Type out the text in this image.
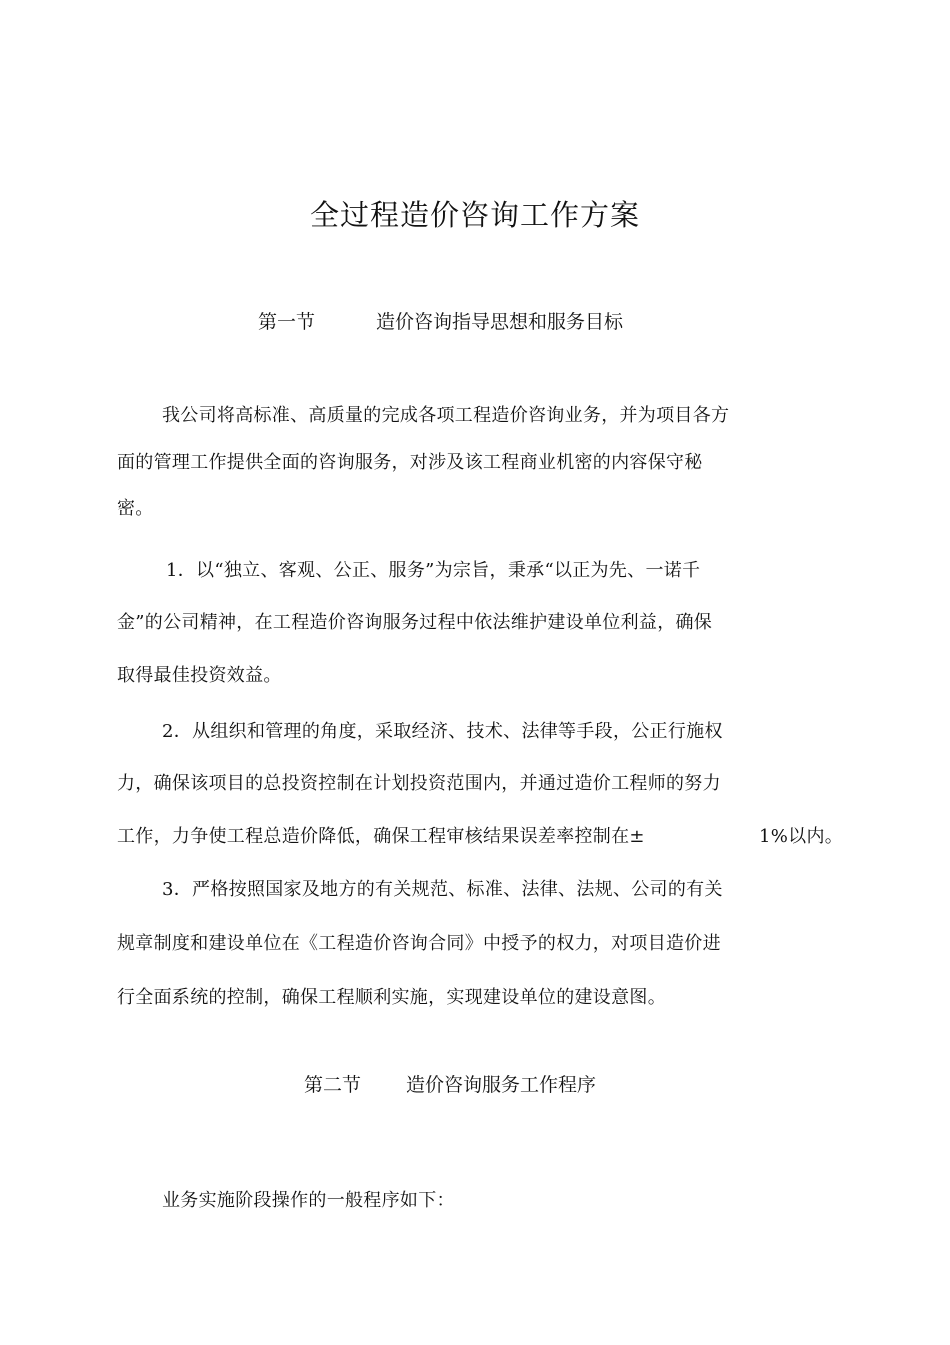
全过程造价咨询工作方案
第一节	造价咨询指导思想和服务目标
我公司将高标准、高质量的完成各项工程造价咨询业务，并为项目各方
面的管理工作提供全面的咨询服务，对涉及该工程商业机密的内容保守秘
密。
1．以“独立、客观、公正、服务”为宗旨，秉承“以正为先、一诺千
金”的公司精神，在工程造价咨询服务过程中依法维护建设单位利益，确保
取得最佳投资效益。
2．从组织和管理的角度，采取经济、技术、法律等手段，公正行施权
力，确保该项目的总投资控制在计划投资范围内，并通过造价工程师的努力
工作，力争使工程总造价降低，确保工程审核结果误差率控制在±	1%以内。
3．严格按照国家及地方的有关规范、标准、法律、法规、公司的有关
规章制度和建设单位在《工程造价咨询合同》中授予的权力，对项目造价进
行全面系统的控制，确保工程顺利实施，实现建设单位的建设意图。
第二节 造价咨询服务工作程序
业务实施阶段操作的一般程序如下：
